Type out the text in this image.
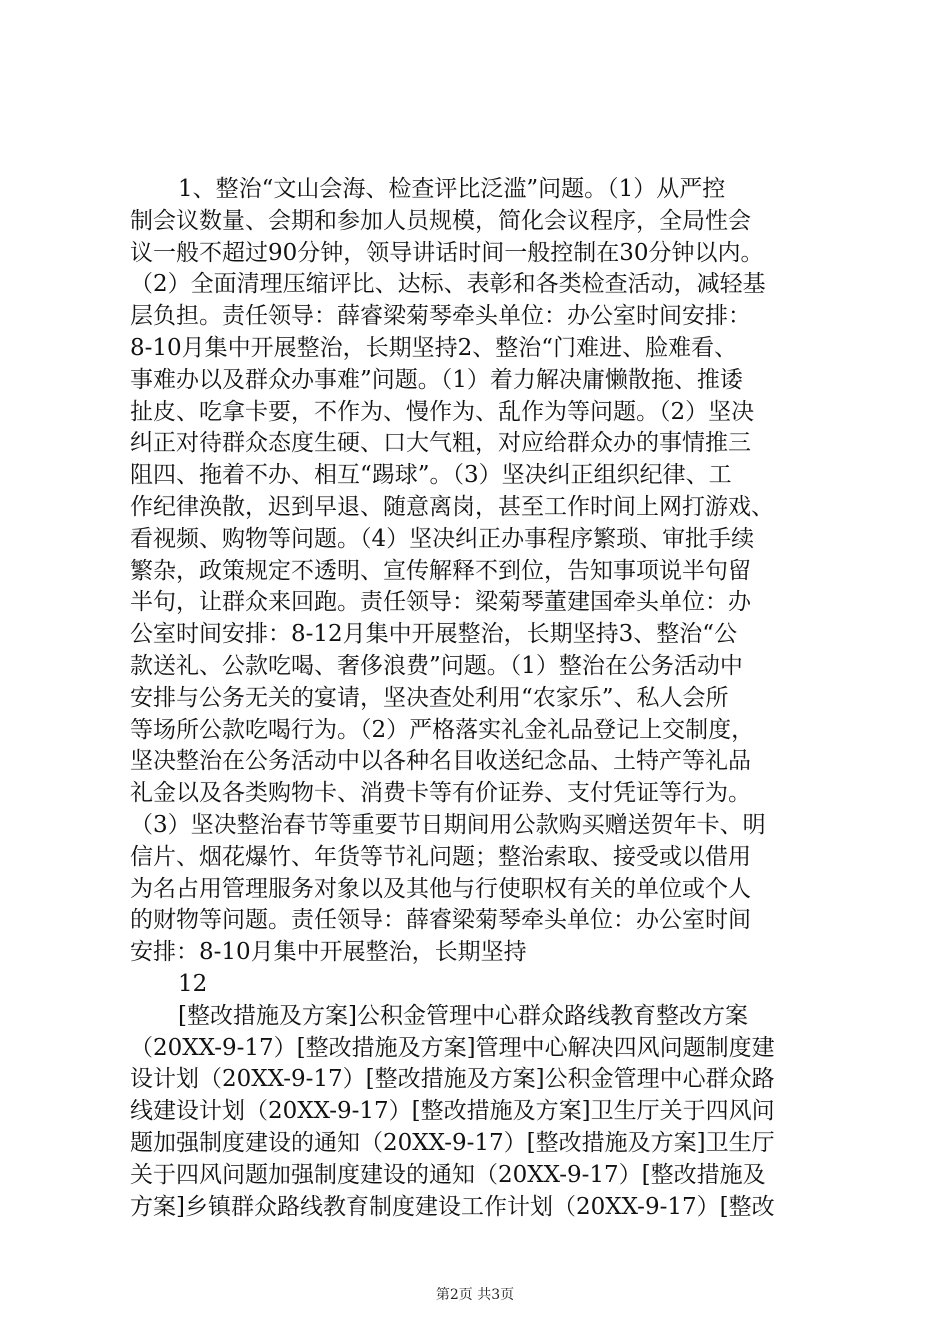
1、整治“文山会海、检查评比泛滥”问题。（1）从严控
制会议数量、会期和参加人员规模，简化会议程序，全局性会
议一般不超过90分钟，领导讲话时间一般控制在30分钟以内。
（2）全面清理压缩评比、达标、表彰和各类检查活动，减轻基
层负担。责任领导：薛睿梁菊琴牵头单位：办公室时间安排：
8-10月集中开展整治，长期坚持2、整治“门难进、脸难看、
事难办以及群众办事难”问题。（1）着力解决庸懒散拖、推诿
扯皮、吃拿卡要，不作为、慢作为、乱作为等问题。（2）坚决
纠正对待群众态度生硬、口大气粗，对应给群众办的事情推三
阻四、拖着不办、相互“踢球”。（3）坚决纠正组织纪律、工
作纪律涣散，迟到早退、随意离岗，甚至工作时间上网打游戏、
看视频、购物等问题。（4）坚决纠正办事程序繁琐、审批手续
繁杂，政策规定不透明、宣传解释不到位，告知事项说半句留
半句，让群众来回跑。责任领导：梁菊琴董建国牵头单位：办
公室时间安排：8-12月集中开展整治，长期坚持3、整治“公
款送礼、公款吃喝、奢侈浪费”问题。（1）整治在公务活动中
安排与公务无关的宴请，坚决查处利用“农家乐”、私人会所
等场所公款吃喝行为。（2）严格落实礼金礼品登记上交制度，
坚决整治在公务活动中以各种名目收送纪念品、土特产等礼品
礼金以及各类购物卡、消费卡等有价证券、支付凭证等行为。
（3）坚决整治春节等重要节日期间用公款购买赠送贺年卡、明
信片、烟花爆竹、年货等节礼问题；整治索取、接受或以借用
为名占用管理服务对象以及其他与行使职权有关的单位或个人
的财物等问题。责任领导：薛睿梁菊琴牵头单位：办公室时间
安排：8-10月集中开展整治，长期坚持
12
[整改措施及方案]公积金管理中心群众路线教育整改方案
（20XX-9-17）[整改措施及方案]管理中心解决四风问题制度建
设计划（20XX-9-17）[整改措施及方案]公积金管理中心群众路
线建设计划（20XX-9-17）[整改措施及方案]卫生厅关于四风问
题加强制度建设的通知（20XX-9-17）[整改措施及方案]卫生厅
关于四风问题加强制度建设的通知（20XX-9-17）[整改措施及
方案]乡镇群众路线教育制度建设工作计划（20XX-9-17）[整改
第2页 共3页
